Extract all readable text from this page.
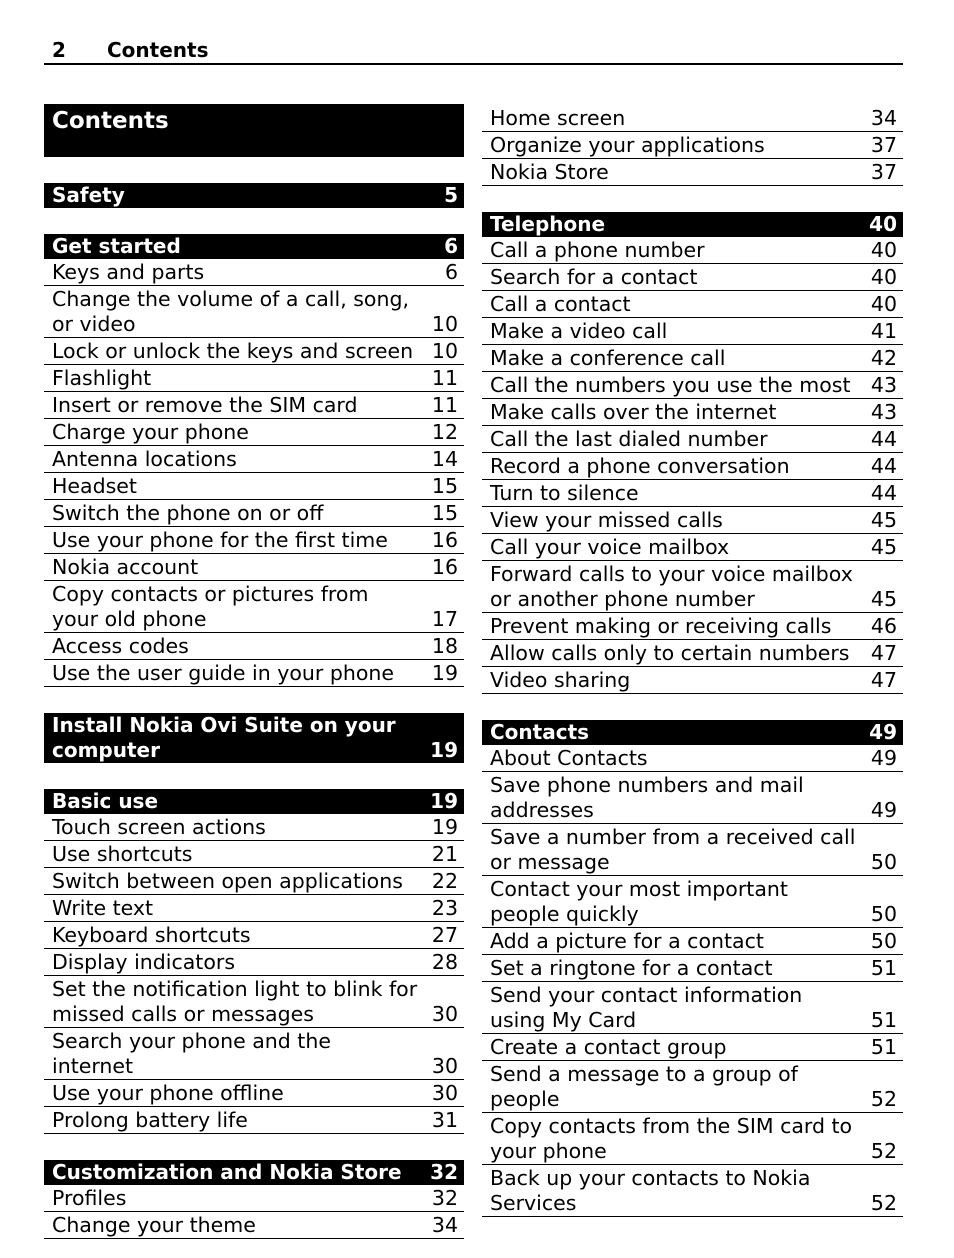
2 Contents
Contents
Safety	5
Get started	6
Keys and parts	6
Change the volume of a call, song, or video	10
Lock or unlock the keys and screen 10
Flashlight	11
Insert or remove the SIM card	11
Charge your phone	12
Antenna locations	14
Headset	15
Switch the phone on or off	15
Use your phone for the first time	16
Nokia account	16
Copy contacts or pictures from your old phone	17
Access codes	18
Use the user guide in your phone	19
Install Nokia Ovi Suite on your computer	19
Basic use	19
Touch screen actions	19
Use shortcuts	21
Switch between open applications	22
Write text	23
Keyboard shortcuts	27
Display indicators	28
Set the notification light to blink for missed calls or messages	30
Search your phone and the internet	30
Use your phone offline	30
Prolong battery life	31
Customization and Nokia Store	32
Profiles	32
Change your theme	34
Home screen	34
Organize your applications	37
Nokia Store	37
Telephone	40
Call a phone number	40
Search for a contact	40
Call a contact	40
Make a video call	41
Make a conference call	42
Call the numbers you use the most 43
Make calls over the internet	43
Call the last dialed number	44
Record a phone conversation	44
Turn to silence	44
View your missed calls	45
Call your voice mailbox	45
Forward calls to your voice mailbox or another phone number	45
Prevent making or receiving calls	46
Allow calls only to certain numbers	47
Video sharing	47
Contacts	49
About Contacts	49
Save phone numbers and mail addresses	49
Save a number from a received call or message	50
Contact your most important people quickly	50
Add a picture for a contact	50
Set a ringtone for a contact	51
Send your contact information using My Card	51
Create a contact group	51
Send a message to a group of people	52
Copy contacts from the SIM card to your phone	52
Back up your contacts to Nokia Services	52
